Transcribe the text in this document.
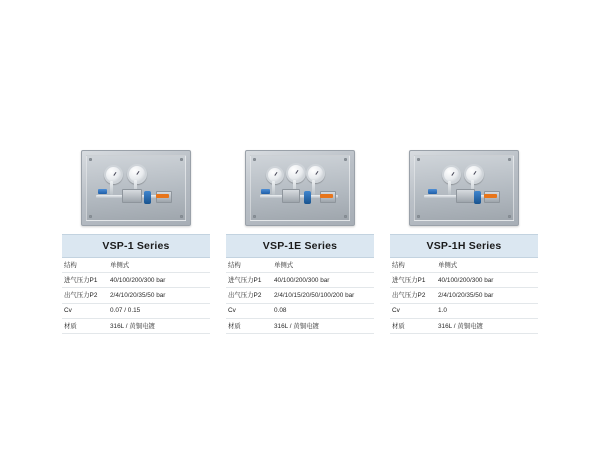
VSP-1 Series
结构	单侧式
进气压力P1	40/100/200/300 bar
出气压力P2	2/4/10/20/35/50 bar
Cv	0.07 / 0.15
材质	316L / 黄铜电镀
VSP-1E Series
结构	单侧式
进气压力P1	40/100/200/300 bar
出气压力P2	2/4/10/15/20/50/100/200 bar
Cv	0.08
材质	316L / 黄铜电镀
VSP-1H Series
结构	单侧式
进气压力P1	40/100/200/300 bar
出气压力P2	2/4/10/20/35/50 bar
Cv	1.0
材质	316L / 黄铜电镀
